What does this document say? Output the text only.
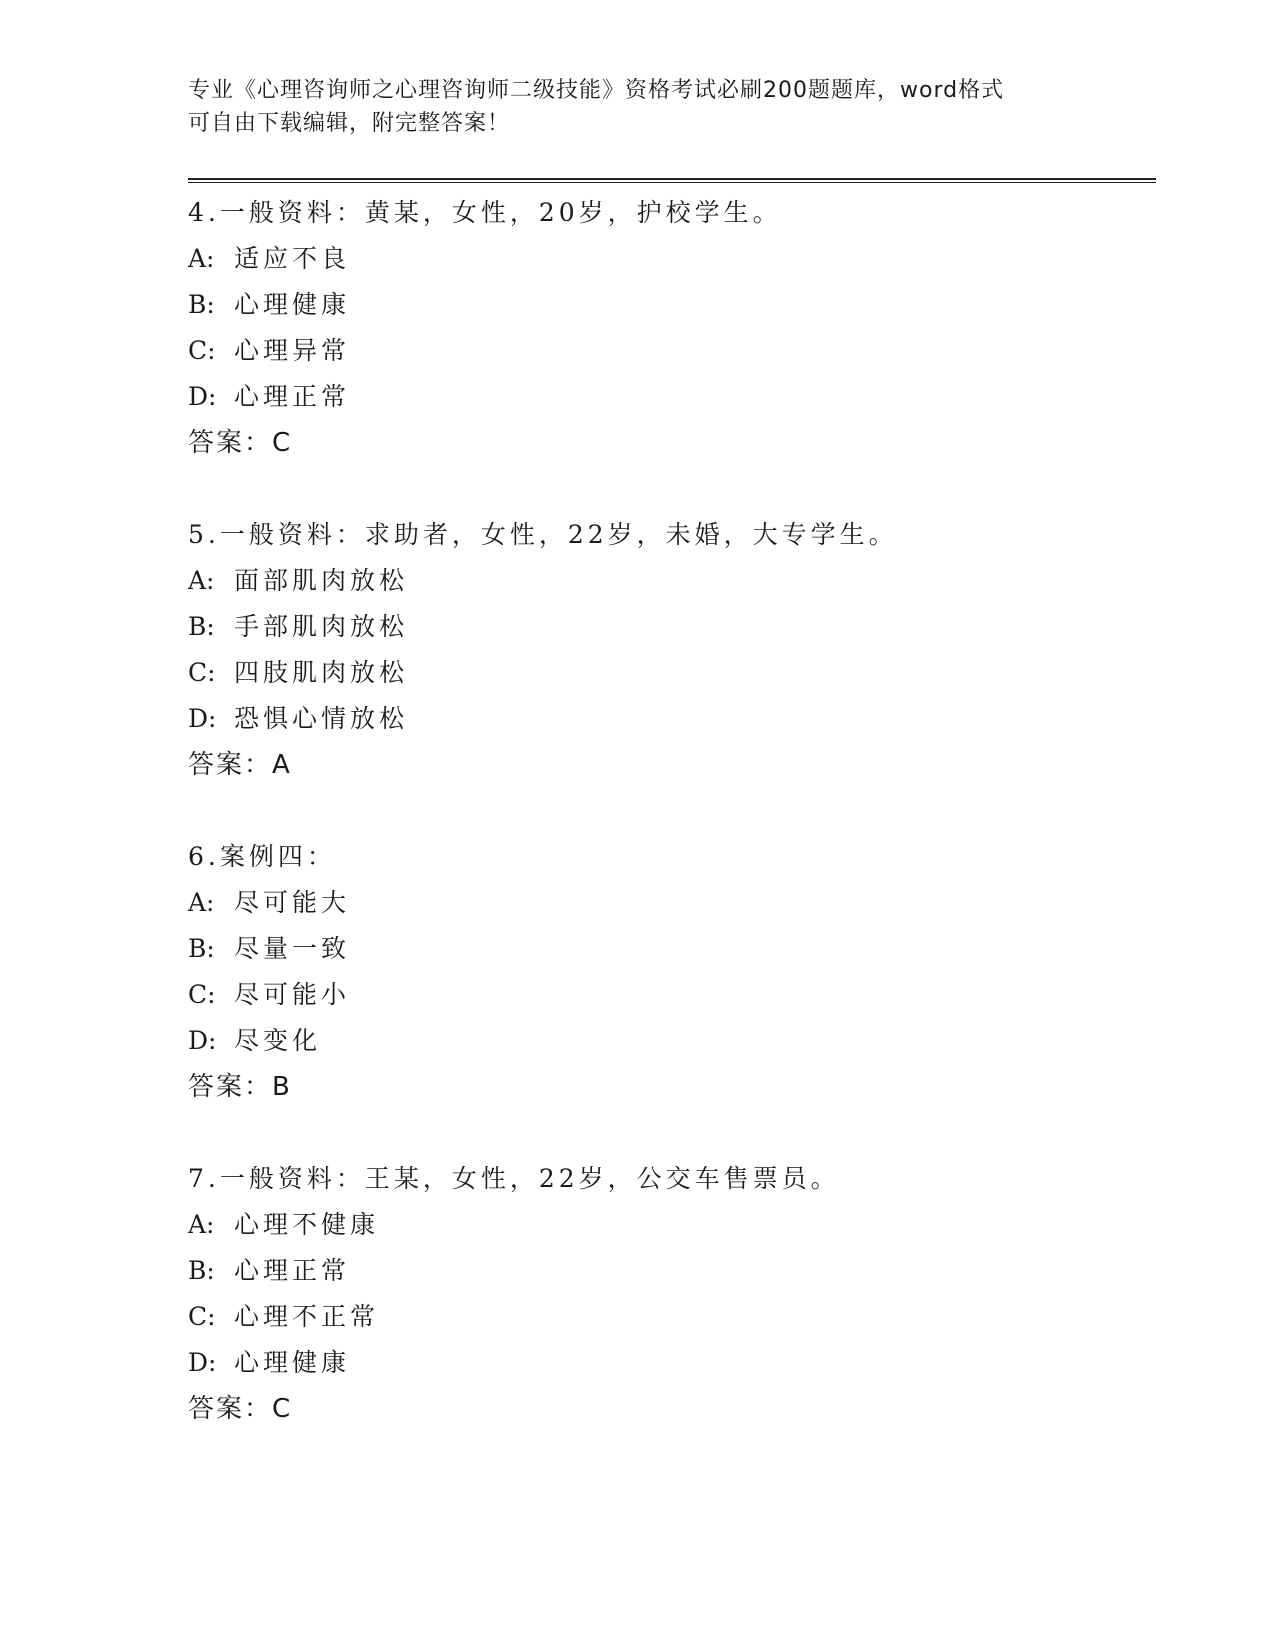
专业《心理咨询师之心理咨询师二级技能》资格考试必刷200题题库，word格式
可自由下载编辑，附完整答案！
4.一般资料：黄某，女性，20岁，护校学生。
A: 适应不良
B: 心理健康
C: 心理异常
D: 心理正常
答案：C
5.一般资料：求助者，女性，22岁，未婚，大专学生。
A: 面部肌肉放松
B: 手部肌肉放松
C: 四肢肌肉放松
D: 恐惧心情放松
答案：A
6.案例四：
A: 尽可能大
B: 尽量一致
C: 尽可能小
D: 尽变化
答案：B
7.一般资料：王某，女性，22岁，公交车售票员。
A: 心理不健康
B: 心理正常
C: 心理不正常
D: 心理健康
答案：C
